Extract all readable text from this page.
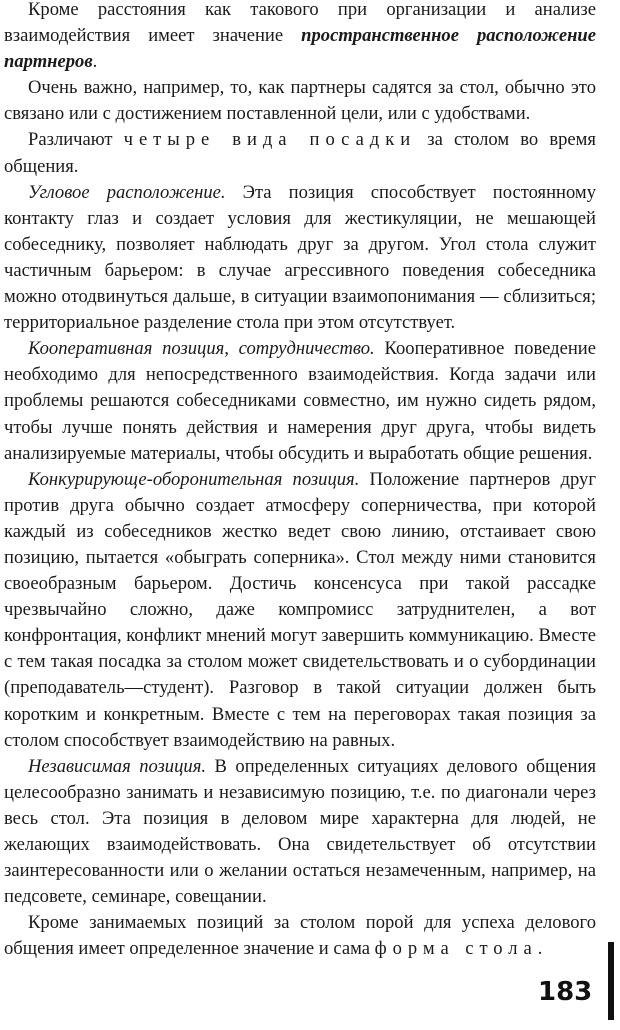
Кроме расстояния как такового при организации и анализе взаимодействия имеет значение пространственное расположение партнеров.

Очень важно, например, то, как партнеры садятся за стол, обычно это связано или с достижением поставленной цели, или с удобствами.

Различают четыре вида посадки за столом во время общения.

Угловое расположение. Эта позиция способствует постоянному контакту глаз и создает условия для жестикуляции, не мешающей собеседнику, позволяет наблюдать друг за другом. Угол стола служит частичным барьером: в случае агрессивного поведения собеседника можно отодвинуться дальше, в ситуации взаимопонимания — сблизиться; территориальное разделение стола при этом отсутствует.

Кооперативная позиция, сотрудничество. Кооперативное поведение необходимо для непосредственного взаимодействия. Когда задачи или проблемы решаются собеседниками совместно, им нужно сидеть рядом, чтобы лучше понять действия и намерения друг друга, чтобы видеть анализируемые материалы, чтобы обсудить и выработать общие решения.

Конкурирующе-оборонительная позиция. Положение партнеров друг против друга обычно создает атмосферу соперничества, при которой каждый из собеседников жестко ведет свою линию, отстаивает свою позицию, пытается «обыграть соперника». Стол между ними становится своеобразным барьером. Достичь консенсуса при такой рассадке чрезвычайно сложно, даже компромисс затруднителен, а вот конфронтация, конфликт мнений могут завершить коммуникацию. Вместе с тем такая посадка за столом может свидетельствовать и о субординации (преподаватель—студент). Разговор в такой ситуации должен быть коротким и конкретным. Вместе с тем на переговорах такая позиция за столом способствует взаимодействию на равных.

Независимая позиция. В определенных ситуациях делового общения целесообразно занимать и независимую позицию, т.е. по диагонали через весь стол. Эта позиция в деловом мире характерна для людей, не желающих взаимодействовать. Она свидетельствует об отсутствии заинтересованности или о желании остаться незамеченным, например, на педсовете, семинаре, совещании.

Кроме занимаемых позиций за столом порой для успеха делового общения имеет определенное значение и сама форма стола.

183
